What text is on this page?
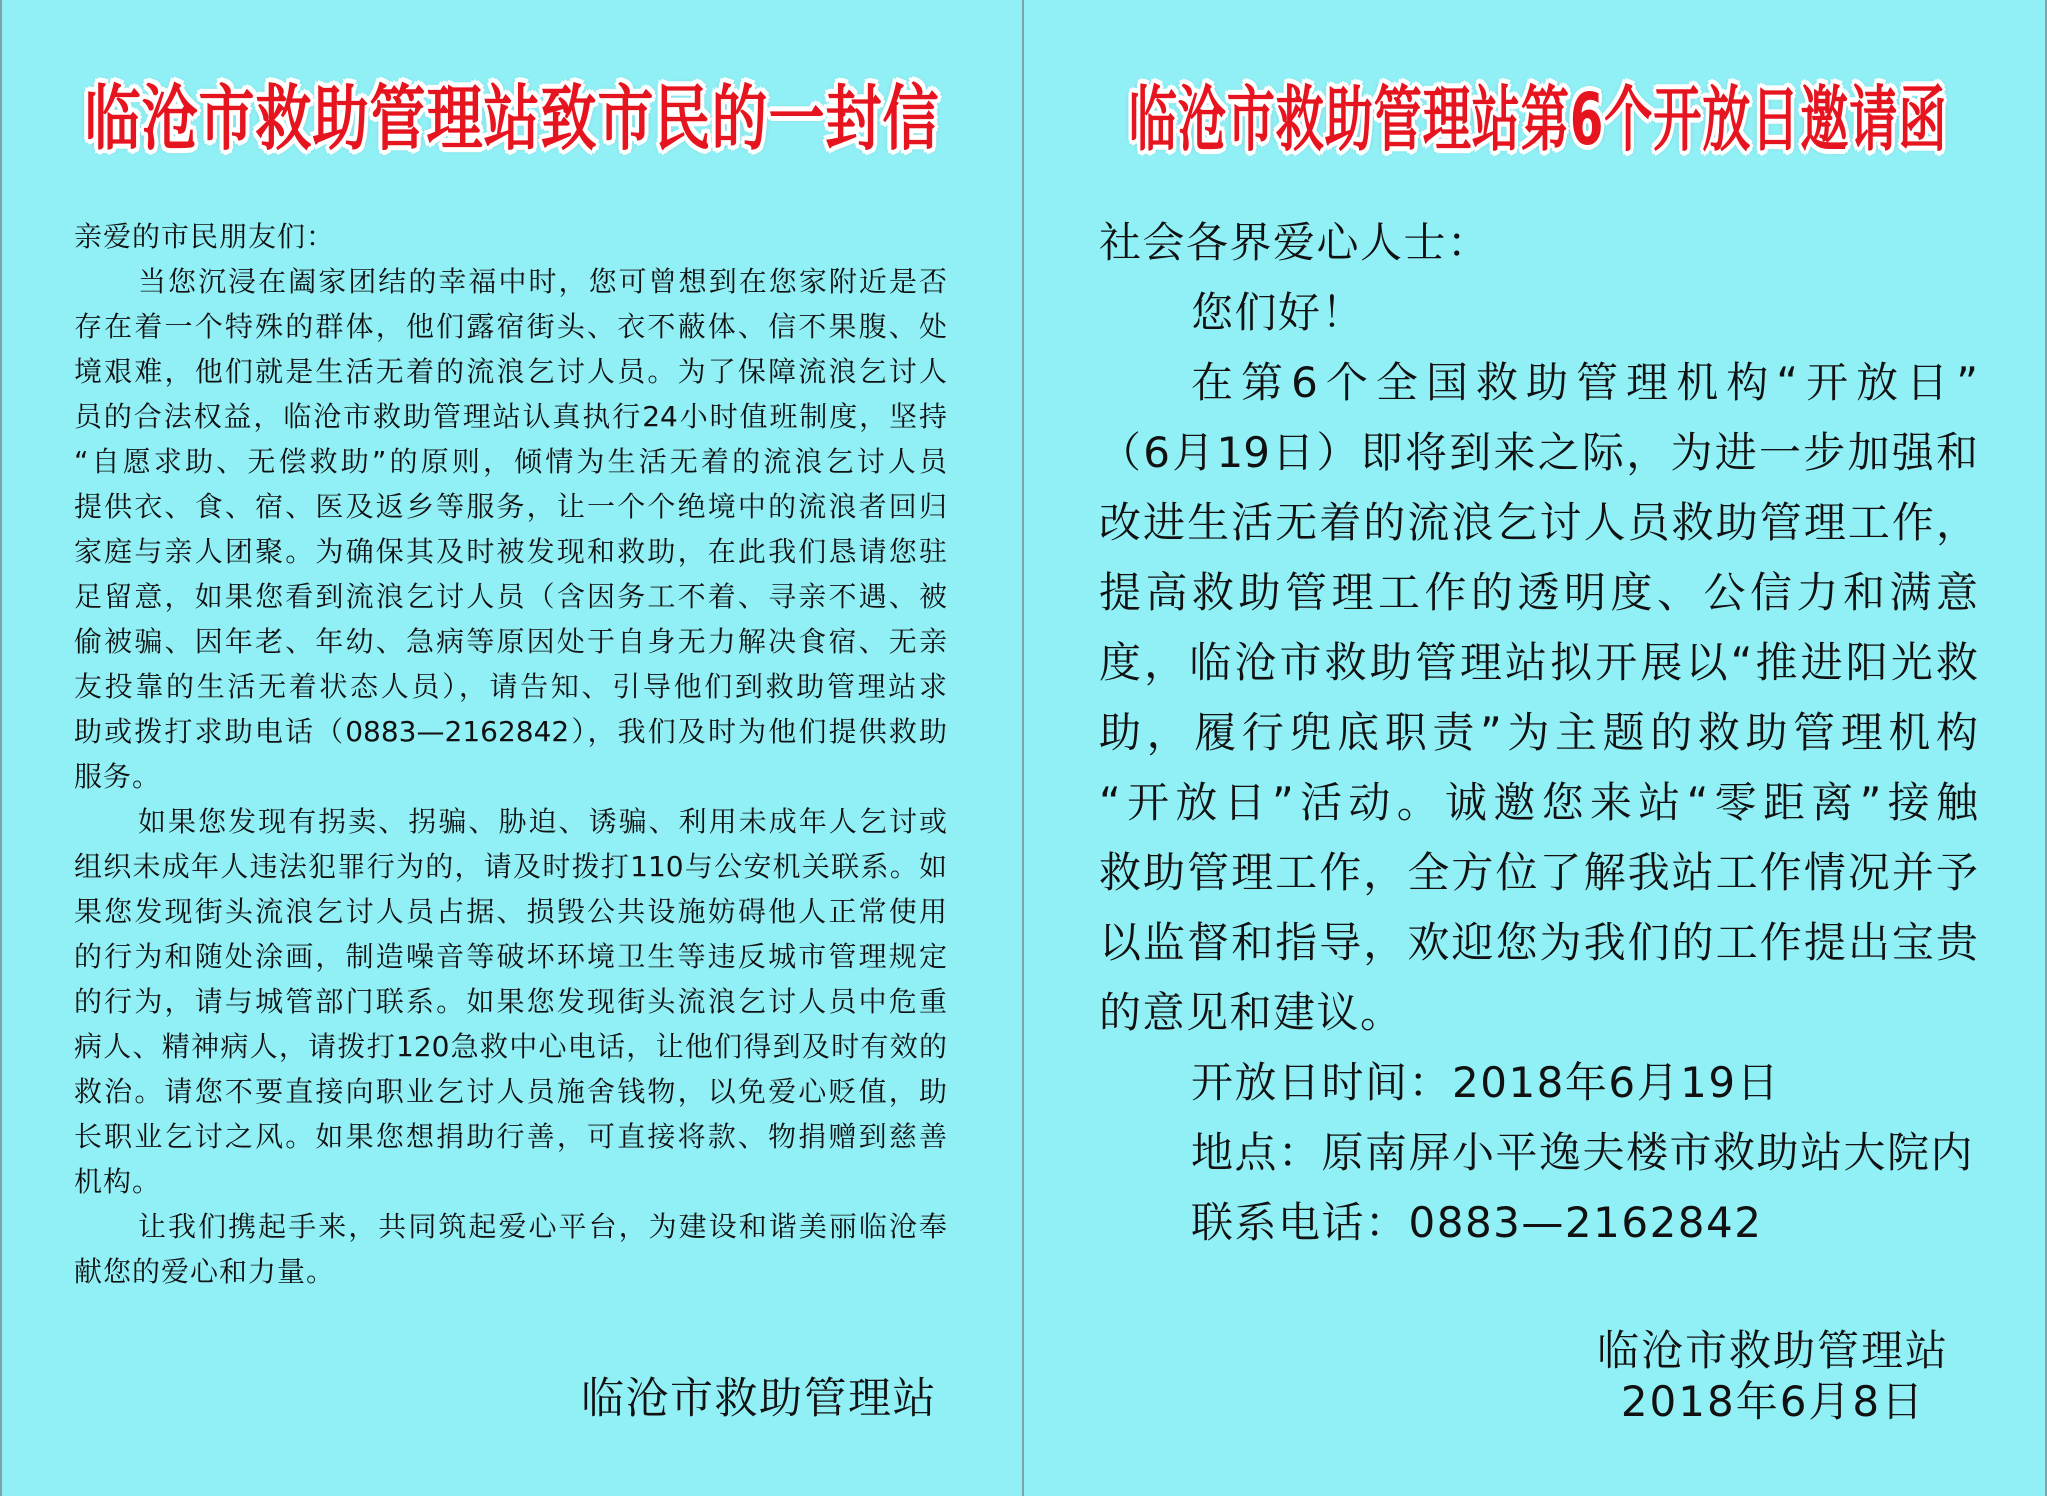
临沧市救助管理站致市民的一封信
亲爱的市民朋友们：
当您沉浸在阖家团结的幸福中时，您可曾想到在您家附近是否
存在着一个特殊的群体，他们露宿街头、衣不蔽体、信不果腹、处
境艰难，他们就是生活无着的流浪乞讨人员。为了保障流浪乞讨人
员的合法权益，临沧市救助管理站认真执行24小时值班制度，坚持
“自愿求助、无偿救助”的原则，倾情为生活无着的流浪乞讨人员
提供衣、食、宿、医及返乡等服务，让一个个绝境中的流浪者回归
家庭与亲人团聚。为确保其及时被发现和救助，在此我们恳请您驻
足留意，如果您看到流浪乞讨人员（含因务工不着、寻亲不遇、被
偷被骗、因年老、年幼、急病等原因处于自身无力解决食宿、无亲
友投靠的生活无着状态人员），请告知、引导他们到救助管理站求
助或拨打求助电话（0883—2162842），我们及时为他们提供救助
服务。
如果您发现有拐卖、拐骗、胁迫、诱骗、利用未成年人乞讨或
组织未成年人违法犯罪行为的，请及时拨打110与公安机关联系。如
果您发现街头流浪乞讨人员占据、损毁公共设施妨碍他人正常使用
的行为和随处涂画，制造噪音等破坏环境卫生等违反城市管理规定
的行为，请与城管部门联系。如果您发现街头流浪乞讨人员中危重
病人、精神病人，请拨打120急救中心电话，让他们得到及时有效的
救治。请您不要直接向职业乞讨人员施舍钱物，以免爱心贬值，助
长职业乞讨之风。如果您想捐助行善，可直接将款、物捐赠到慈善
机构。
让我们携起手来，共同筑起爱心平台，为建设和谐美丽临沧奉
献您的爱心和力量。
临沧市救助管理站
临沧市救助管理站第6个开放日邀请函
社会各界爱心人士：
您们好！
在第6个全国救助管理机构“开放日”
（6月19日）即将到来之际，为进一步加强和
改进生活无着的流浪乞讨人员救助管理工作，
提高救助管理工作的透明度、公信力和满意
度，临沧市救助管理站拟开展以“推进阳光救
助，履行兜底职责”为主题的救助管理机构
“开放日”活动。诚邀您来站“零距离”接触
救助管理工作，全方位了解我站工作情况并予
以监督和指导，欢迎您为我们的工作提出宝贵
的意见和建议。
开放日时间：2018年6月19日
地点：原南屏小平逸夫楼市救助站大院内
联系电话：0883—2162842
临沧市救助管理站
2018年6月8日
